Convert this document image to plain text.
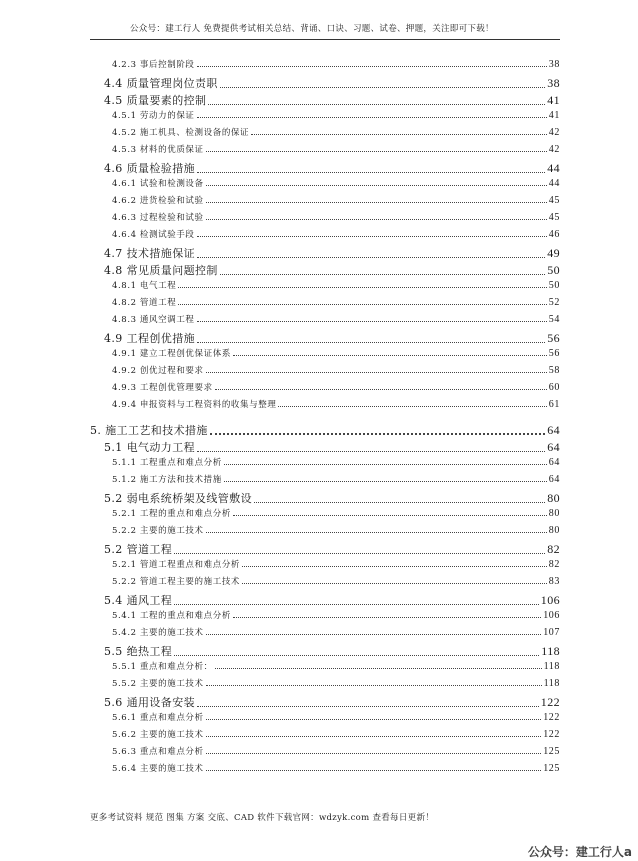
公众号：建工行人 免费提供考试相关总结、背诵、口诀、习题、试卷、押题，关注即可下载！
4.2.3 事后控制阶段	38
4.4 质量管理岗位责职	38
4.5 质量要素的控制	41
4.5.1 劳动力的保证	41
4.5.2 施工机具、检测设备的保证	42
4.5.3 材料的优质保证	42
4.6 质量检验措施	44
4.6.1 试验和检测设备	44
4.6.2 进货检验和试验	45
4.6.3 过程检验和试验	45
4.6.4 检测试验手段	46
4.7 技术措施保证	49
4.8 常见质量问题控制	50
4.8.1 电气工程	50
4.8.2 管道工程	52
4.8.3 通风空调工程	54
4.9 工程创优措施	56
4.9.1 建立工程创优保证体系	56
4.9.2 创优过程和要求	58
4.9.3 工程创优管理要求	60
4.9.4 申报资料与工程资料的收集与整理	61
5. 施工工艺和技术措施	64
5.1 电气动力工程	64
5.1.1 工程重点和难点分析	64
5.1.2 施工方法和技术措施	64
5.2 弱电系统桥架及线管敷设	80
5.2.1 工程的重点和难点分析	80
5.2.2 主要的施工技术	80
5.2 管道工程	82
5.2.1 管道工程重点和难点分析	82
5.2.2 管道工程主要的施工技术	83
5.4 通风工程	106
5.4.1 工程的重点和难点分析	106
5.4.2 主要的施工技术	107
5.5 绝热工程	118
5.5.1 重点和难点分析：	118
5.5.2 主要的施工技术	118
5.6 通用设备安装	122
5.6.1 重点和难点分析	122
5.6.2 主要的施工技术	122
5.6.3 重点和难点分析	125
5.6.4 主要的施工技术	125
更多考试资料 规范 图集 方案 交底、CAD 软件下载官网：wdzyk.com 查看每日更新！
公众号：建工行人a
